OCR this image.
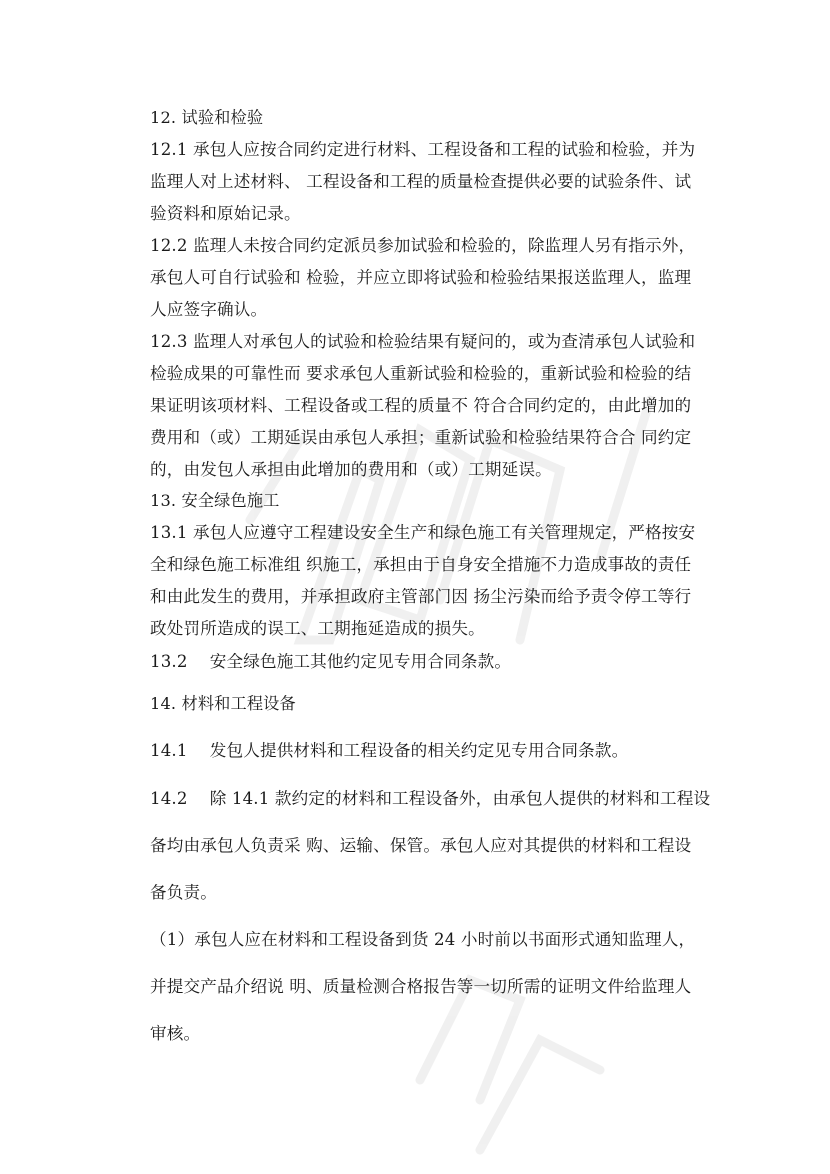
12. 试验和检验
12.1 承包人应按合同约定进行材料、工程设备和工程的试验和检验，并为
监理人对上述材料、 工程设备和工程的质量检查提供必要的试验条件、试
验资料和原始记录。
12.2 监理人未按合同约定派员参加试验和检验的，除监理人另有指示外，
承包人可自行试验和 检验，并应立即将试验和检验结果报送监理人，监理
人应签字确认。
12.3 监理人对承包人的试验和检验结果有疑问的，或为查清承包人试验和
检验成果的可靠性而 要求承包人重新试验和检验的，重新试验和检验的结
果证明该项材料、工程设备或工程的质量不 符合合同约定的，由此增加的
费用和（或）工期延误由承包人承担；重新试验和检验结果符合合 同约定
的，由发包人承担由此增加的费用和（或）工期延误。
13. 安全绿色施工
13.1 承包人应遵守工程建设安全生产和绿色施工有关管理规定，严格按安
全和绿色施工标准组 织施工，承担由于自身安全措施不力造成事故的责任
和由此发生的费用，并承担政府主管部门因 扬尘污染而给予责令停工等行
政处罚所造成的误工、工期拖延造成的损失。
13.2　 安全绿色施工其他约定见专用合同条款。
14. 材料和工程设备
14.1　 发包人提供材料和工程设备的相关约定见专用合同条款。
14.2　 除 14.1 款约定的材料和工程设备外，由承包人提供的材料和工程设
备均由承包人负责采 购、运输、保管。承包人应对其提供的材料和工程设
备负责。
（1）承包人应在材料和工程设备到货 24 小时前以书面形式通知监理人，
并提交产品介绍说 明、质量检测合格报告等一切所需的证明文件给监理人
审核。
